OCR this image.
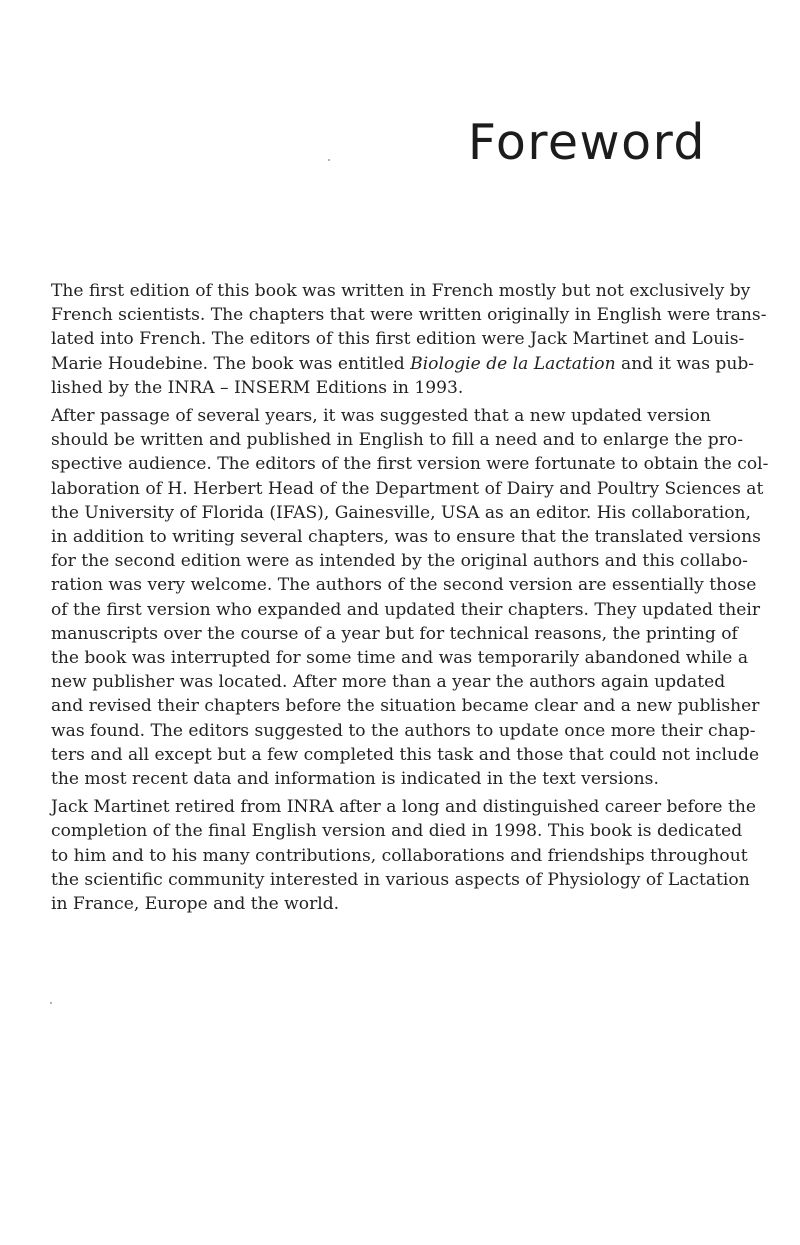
Foreword

The first edition of this book was written in French mostly but not exclusively by
French scientists. The chapters that were written originally in English were trans-
lated into French. The editors of this first edition were Jack Martinet and Louis-
Marie Houdebine. The book was entitled Biologie de la Lactation and it was pub-
lished by the INRA – INSERM Editions in 1993.

After passage of several years, it was suggested that a new updated version
should be written and published in English to fill a need and to enlarge the pro-
spective audience. The editors of the first version were fortunate to obtain the col-
laboration of H. Herbert Head of the Department of Dairy and Poultry Sciences at
the University of Florida (IFAS), Gainesville, USA as an editor. His collaboration,
in addition to writing several chapters, was to ensure that the translated versions
for the second edition were as intended by the original authors and this collabo-
ration was very welcome. The authors of the second version are essentially those
of the first version who expanded and updated their chapters. They updated their
manuscripts over the course of a year but for technical reasons, the printing of
the book was interrupted for some time and was temporarily abandoned while a
new publisher was located. After more than a year the authors again updated
and revised their chapters before the situation became clear and a new publisher
was found. The editors suggested to the authors to update once more their chap-
ters and all except but a few completed this task and those that could not include
the most recent data and information is indicated in the text versions.

Jack Martinet retired from INRA after a long and distinguished career before the
completion of the final English version and died in 1998. This book is dedicated
to him and to his many contributions, collaborations and friendships throughout
the scientific community interested in various aspects of Physiology of Lactation
in France, Europe and the world.
